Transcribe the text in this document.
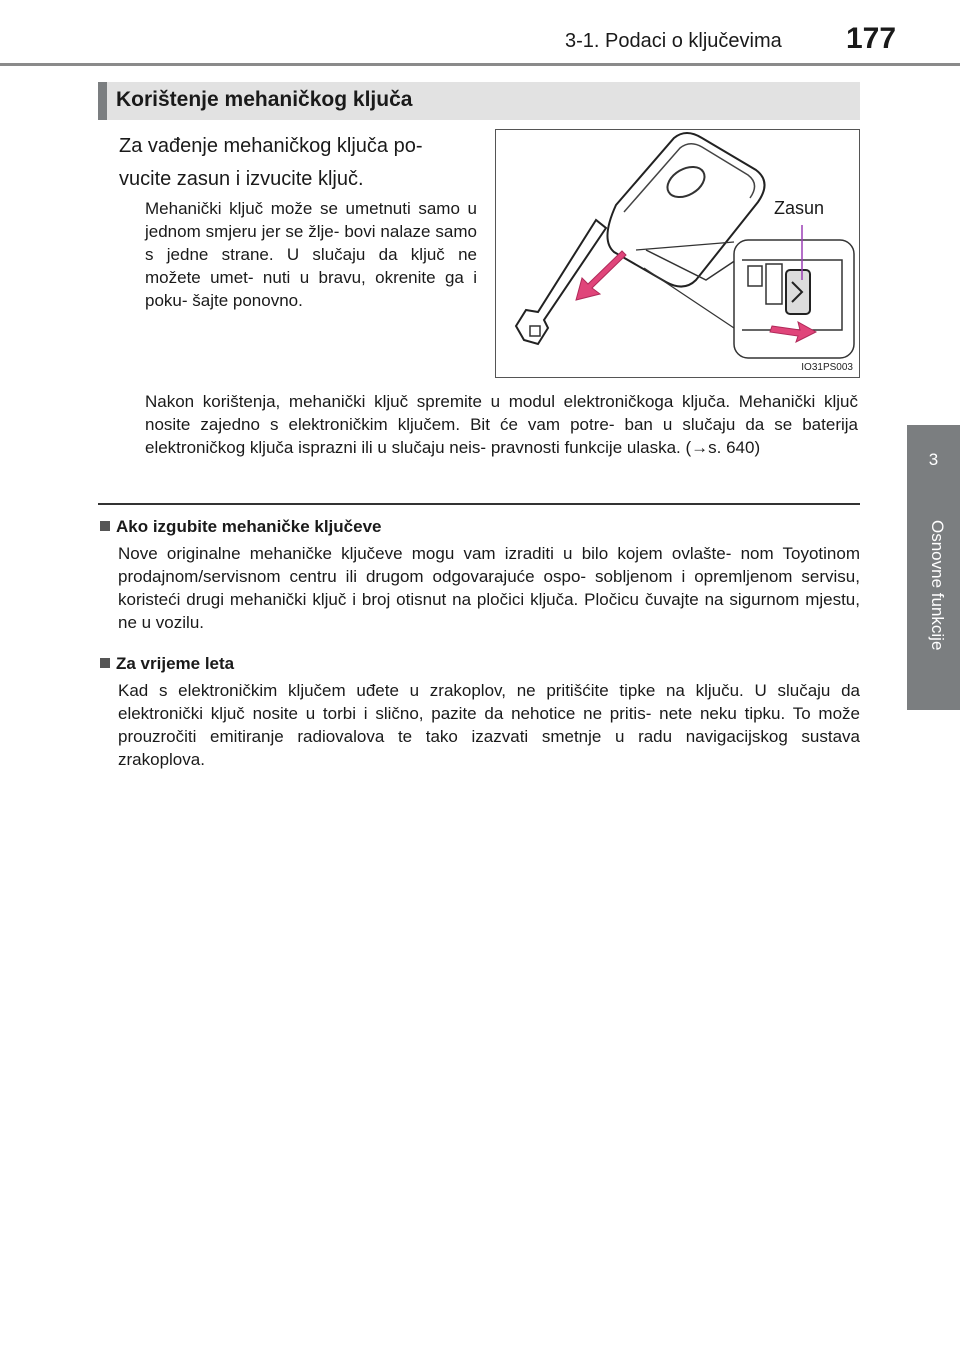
3-1. Podaci o ključevima 177
3
Osnovne funkcije
Korištenje mehaničkog ključa

Za vađenje mehaničkog ključa po- vucite zasun i izvucite ključ.

Mehanički ključ može se umetnuti samo u jednom smjeru jer se žlje- bovi nalaze samo s jedne strane. U slučaju da ključ ne možete umet- nuti u bravu, okrenite ga i poku- šajte ponovno.

Zasun
IO31PS003

Nakon korištenja, mehanički ključ spremite u modul elektroničkoga ključa. Mehanički ključ nosite zajedno s elektroničkim ključem. Bit će vam potre- ban u slučaju da se baterija elektroničkog ključa isprazni ili u slučaju neis- pravnosti funkcije ulaska. (→s. 640)

Ako izgubite mehaničke ključeve

Nove originalne mehaničke ključeve mogu vam izraditi u bilo kojem ovlašte- nom Toyotinom prodajnom/servisnom centru ili drugom odgovarajuće ospo- sobljenom i opremljenom servisu, koristeći drugi mehanički ključ i broj otisnut na pločici ključa. Pločicu čuvajte na sigurnom mjestu, ne u vozilu.

Za vrijeme leta

Kad s elektroničkim ključem uđete u zrakoplov, ne pritišćite tipke na ključu. U slučaju da elektronički ključ nosite u torbi i slično, pazite da nehotice ne pritis- nete neku tipku. To može prouzročiti emitiranje radiovalova te tako izazvati smetnje u radu navigacijskog sustava zrakoplova.
